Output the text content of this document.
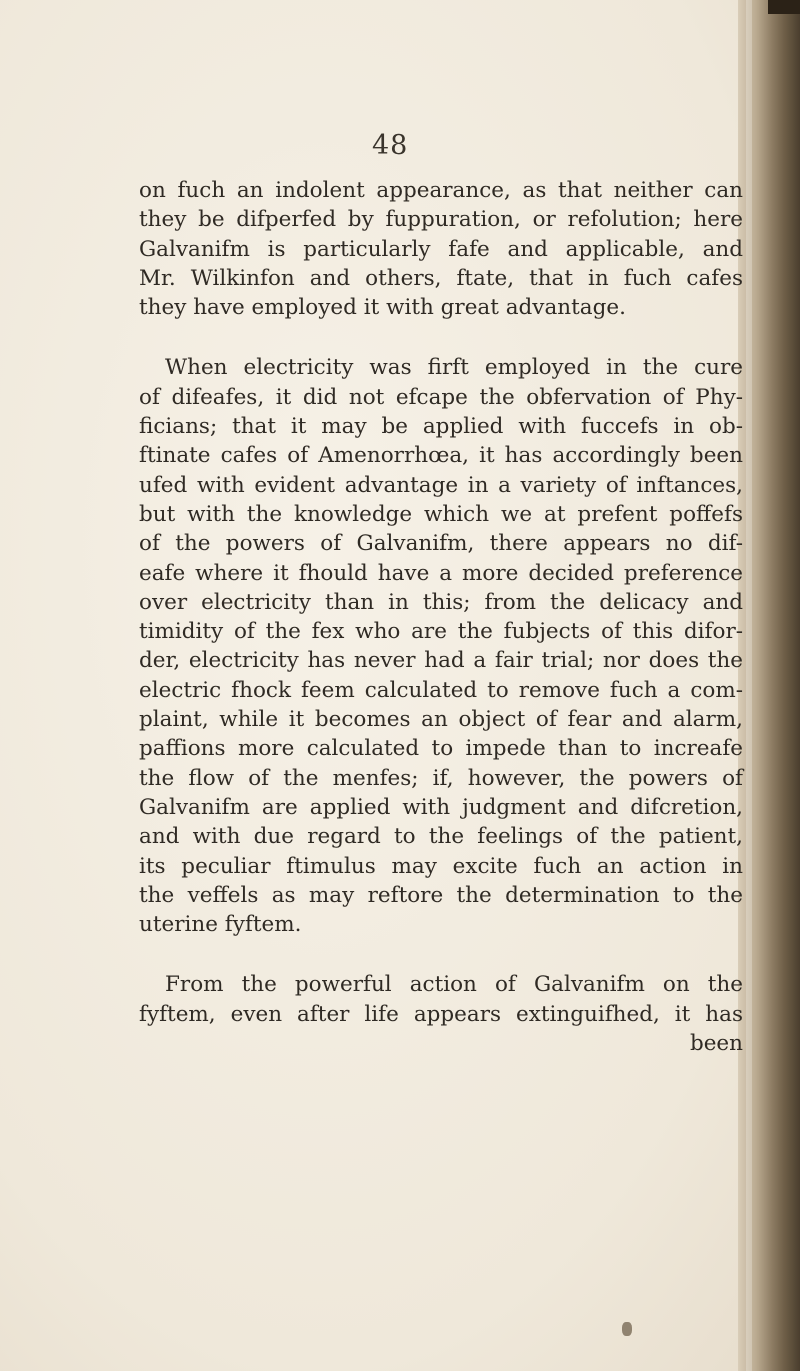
48
on fuch an indolent appearance, as that neither can
they be difperfed by fuppuration, or refolution; here
Galvanifm is particularly fafe and applicable, and
Mr. Wilkinfon and others, ftate, that in fuch cafes
they have employed it with great advantage.
When electricity was firft employed in the cure
of difeafes, it did not efcape the obfervation of Phy-
ficians; that it may be applied with fuccefs in ob-
ftinate cafes of Amenorrhœa, it has accordingly been
ufed with evident advantage in a variety of inftances,
but with the knowledge which we at prefent poffefs
of the powers of Galvanifm, there appears no dif-
eafe where it fhould have a more decided preference
over electricity than in this; from the delicacy and
timidity of the fex who are the fubjects of this difor-
der, electricity has never had a fair trial; nor does the
electric fhock feem calculated to remove fuch a com-
plaint, while it becomes an object of fear and alarm,
paffions more calculated to impede than to increafe
the flow of the menfes; if, however, the powers of
Galvanifm are applied with judgment and difcretion,
and with due regard to the feelings of the patient,
its peculiar ftimulus may excite fuch an action in
the veffels as may reftore the determination to the
uterine fyftem.
From the powerful action of Galvanifm on the
fyftem, even after life appears extinguifhed, it has
been
